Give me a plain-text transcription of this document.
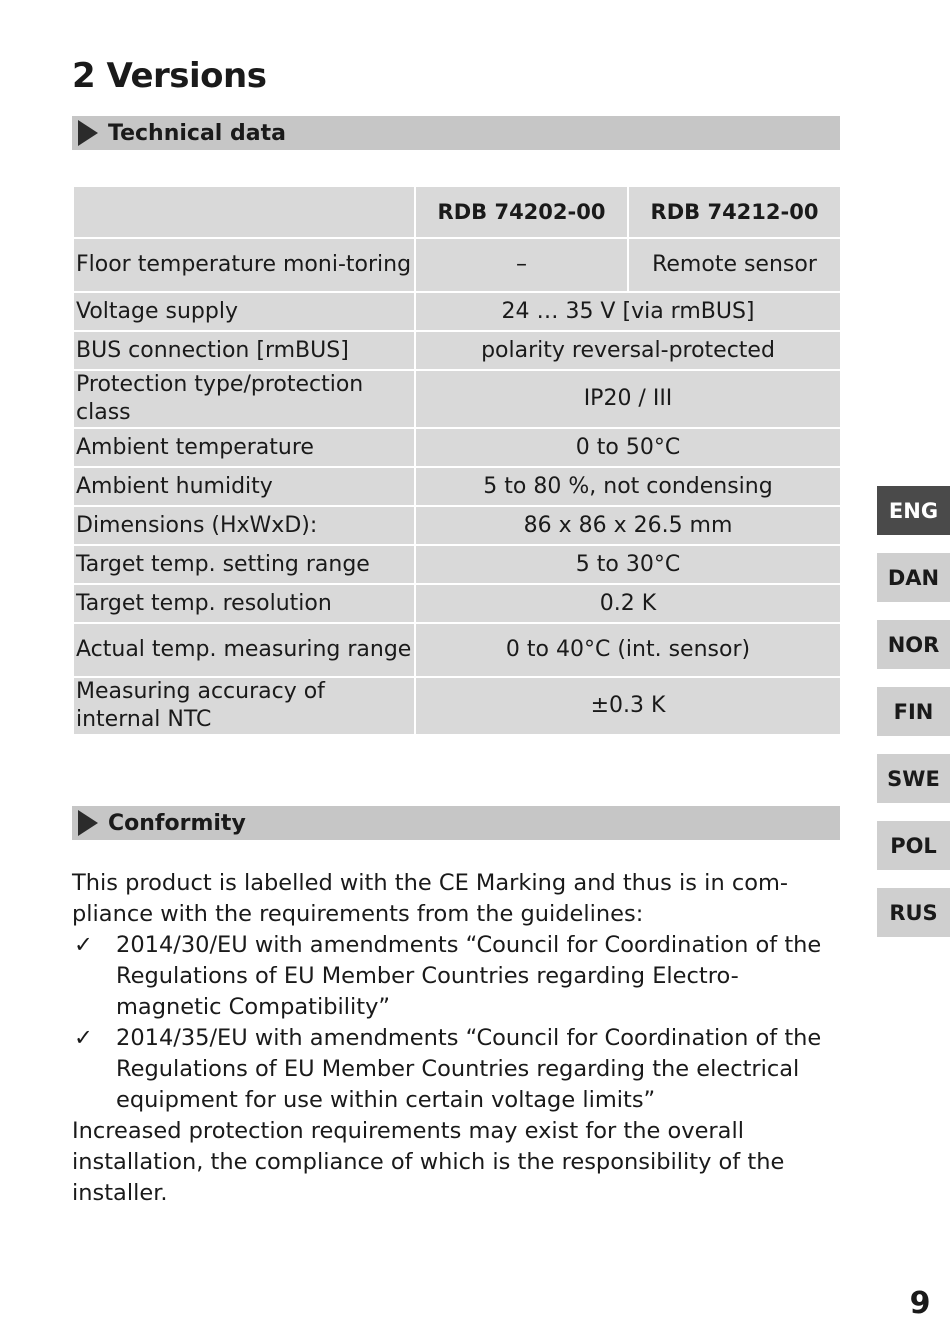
2 Versions
Technical data
	RDB 74202-00	RDB 74212-00
Floor temperature moni-toring	–	Remote sensor
Voltage supply	24 … 35 V [via rmBUS]	
BUS connection [rmBUS]	polarity reversal-protected	
Protection type/protection class	IP20 / III	
Ambient temperature	0 to 50°C	
Ambient humidity	5 to 80 %, not condensing	
Dimensions (HxWxD):	86 x 86 x 26.5 mm	
Target temp. setting range	5 to 30°C	
Target temp. resolution	0.2 K	
Actual temp. measuring range	0 to 40°C (int. sensor)	
Measuring accuracy of internal NTC	±0.3 K	
Conformity

This product is labelled with the CE Marking and thus is in com-pliance with the requirements from the guidelines:

✓ 2014/30/EU with amendments “Council for Coordination of the Regulations of EU Member Countries regarding Electro-magnetic Compatibility”
✓ 2014/35/EU with amendments “Council for Coordination of the Regulations of EU Member Countries regarding the electrical equipment for use within certain voltage limits”

Increased protection requirements may exist for the overall installation, the compliance of which is the responsibility of the installer.

ENG
DAN
NOR
FIN
SWE
POL
RUS
9
